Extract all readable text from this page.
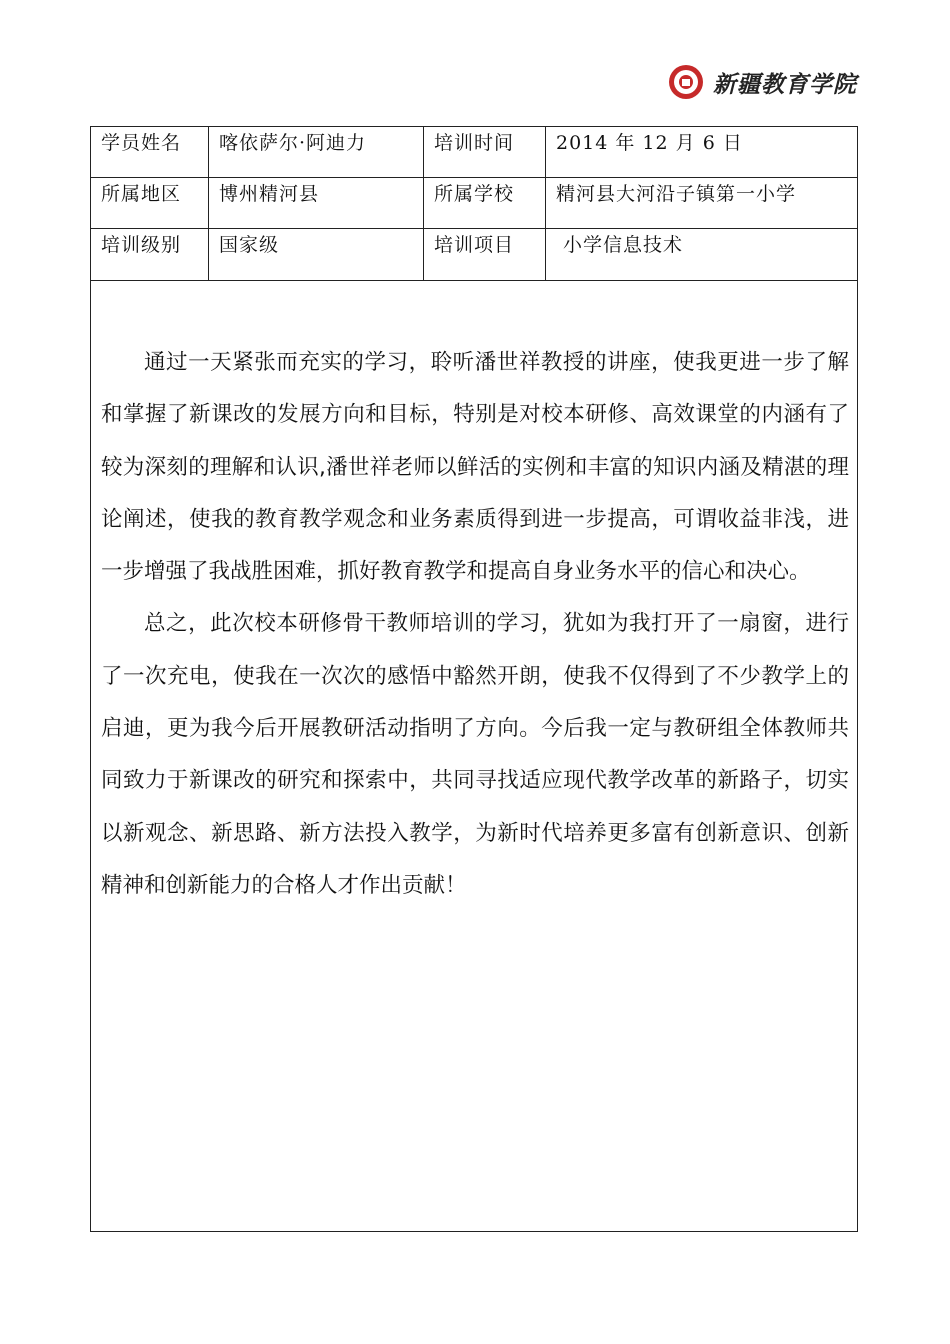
新疆教育学院
学员姓名	喀依萨尔·阿迪力	培训时间	2014 年 12 月 6 日
所属地区	博州精河县	所属学校	精河县大河沿子镇第一小学
培训级别	国家级	培训项目	小学信息技术

通过一天紧张而充实的学习，聆听潘世祥教授的讲座，使我更进一步了解和掌握了新课改的发展方向和目标，特别是对校本研修、高效课堂的内涵有了较为深刻的理解和认识,潘世祥老师以鲜活的实例和丰富的知识内涵及精湛的理论阐述，使我的教育教学观念和业务素质得到进一步提高，可谓收益非浅，进一步增强了我战胜困难，抓好教育教学和提高自身业务水平的信心和决心。

总之，此次校本研修骨干教师培训的学习，犹如为我打开了一扇窗，进行了一次充电，使我在一次次的感悟中豁然开朗，使我不仅得到了不少教学上的启迪，更为我今后开展教研活动指明了方向。今后我一定与教研组全体教师共同致力于新课改的研究和探索中，共同寻找适应现代教学改革的新路子，切实以新观念、新思路、新方法投入教学，为新时代培养更多富有创新意识、创新精神和创新能力的合格人才作出贡献！
